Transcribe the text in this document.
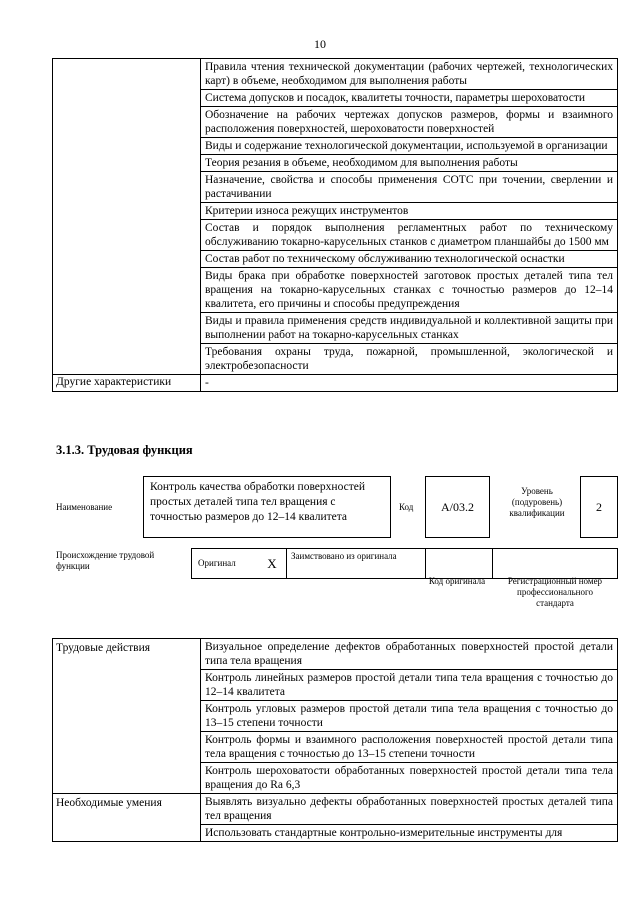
10
	Правила чтения технической документации (рабочих чертежей, технологических карт) в объеме, необходимом для выполнения работы
	Система допусков и посадок, квалитеты точности, параметры шероховатости
	Обозначение на рабочих чертежах допусков размеров, формы и взаимного расположения поверхностей, шероховатости поверхностей
	Виды и содержание технологической документации, используемой в организации
	Теория резания в объеме, необходимом для выполнения работы
	Назначение, свойства и способы применения СОТС при точении, сверлении и растачивании
	Критерии износа режущих инструментов
	Состав и порядок выполнения регламентных работ по техническому обслуживанию токарно-карусельных станков с диаметром планшайбы до 1500 мм
	Состав работ по техническому обслуживанию технологической оснастки
	Виды брака при обработке поверхностей заготовок простых деталей типа тел вращения на токарно-карусельных станках с точностью размеров до 12–14 квалитета, его причины и способы предупреждения
	Виды и правила применения средств индивидуальной и коллективной защиты при выполнении работ на токарно-карусельных станках
	Требования охраны труда, пожарной, промышленной, экологической и электробезопасности
Другие характеристики	-
3.1.3. Трудовая функция
Наименование
Контроль качества обработки поверхностей простых деталей типа тел вращения с точностью размеров до 12–14 квалитета
Код	A/03.2
Уровень (подуровень) квалификации	2
Происхождение трудовой функции	Оригинал	X	Заимствовано из оригинала		
Код оригинала	Регистрационный номер профессионального стандарта
Трудовые действия	Визуальное определение дефектов обработанных поверхностей простой детали типа тела вращения
	Контроль линейных размеров простой детали типа тела вращения с точностью до 12–14 квалитета
	Контроль угловых размеров простой детали типа тела вращения с точностью до 13–15 степени точности
	Контроль формы и взаимного расположения поверхностей простой детали типа тела вращения с точностью до 13–15 степени точности
	Контроль шероховатости обработанных поверхностей простой детали типа тела вращения до Ra 6,3
Необходимые умения	Выявлять визуально дефекты обработанных поверхностей простых деталей типа тел вращения
	Использовать стандартные контрольно-измерительные инструменты для
